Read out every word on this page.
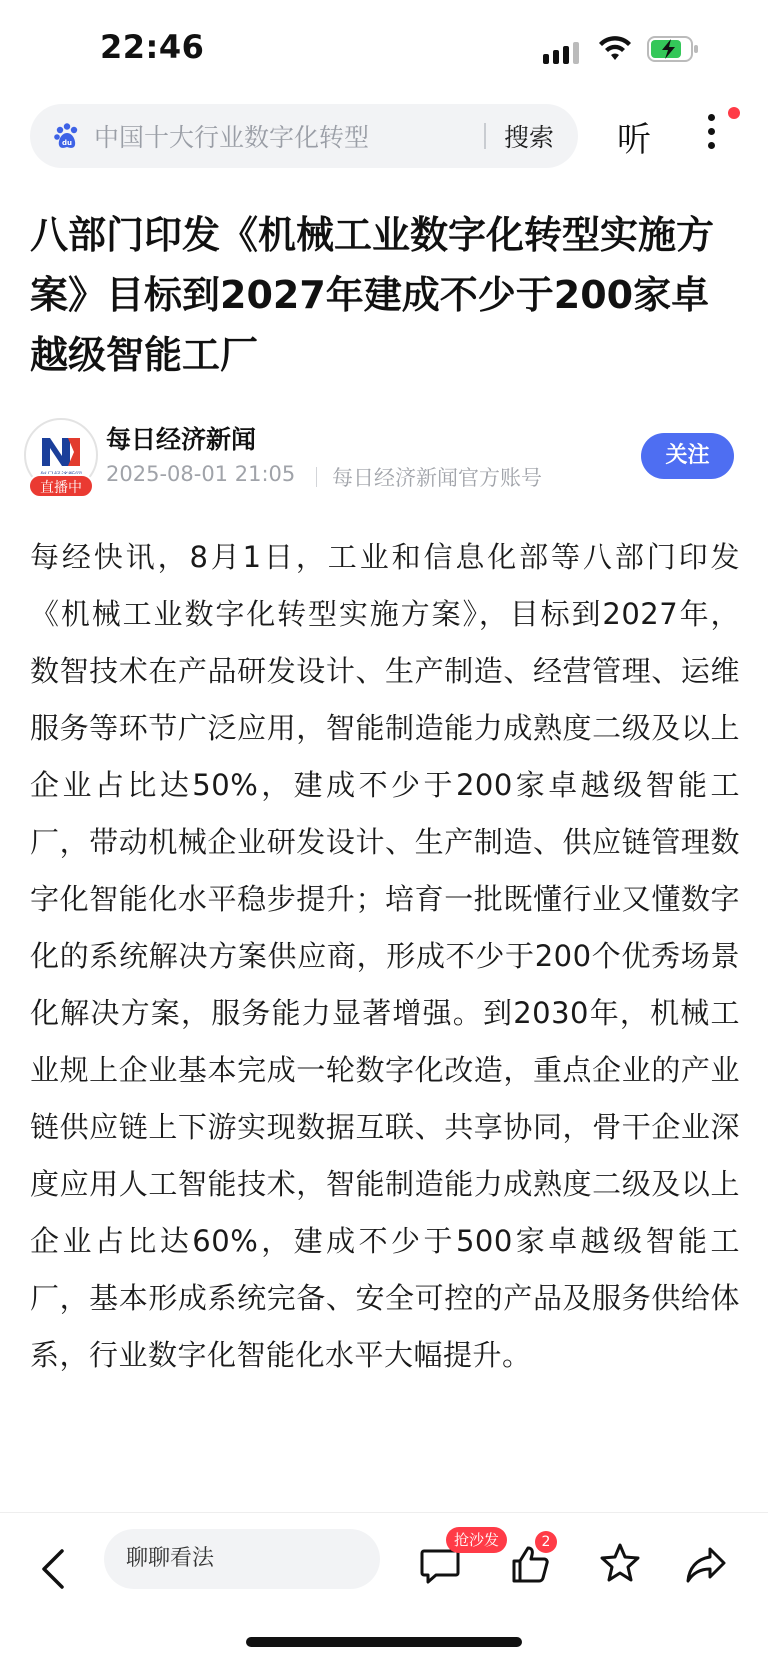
22:46
du 中国十大行业数字化转型	搜索 听
八部门印发《机械工业数字化转型实施方案》目标到2027年建成不少于200家卓越级智能工厂
直播中
每日经济新闻
2025-08-01 21:05 每日经济新闻官方账号
关注

每经快讯，8月1日，工业和信息化部等八部门印发《机械工业数字化转型实施方案》，目标到2027年，数智技术在产品研发设计、生产制造、经营管理、运维服务等环节广泛应用，智能制造能力成熟度二级及以上企业占比达50%，建成不少于200家卓越级智能工厂，带动机械企业研发设计、生产制造、供应链管理数字化智能化水平稳步提升；培育一批既懂行业又懂数字化的系统解决方案供应商，形成不少于200个优秀场景化解决方案，服务能力显著增强。到2030年，机械工业规上企业基本完成一轮数字化改造，重点企业的产业链供应链上下游实现数据互联、共享协同，骨干企业深度应用人工智能技术，智能制造能力成熟度二级及以上企业占比达60%，建成不少于500家卓越级智能工厂，基本形成系统完备、安全可控的产品及服务供给体系，行业数字化智能化水平大幅提升。

聊聊看法
抢沙发	2
